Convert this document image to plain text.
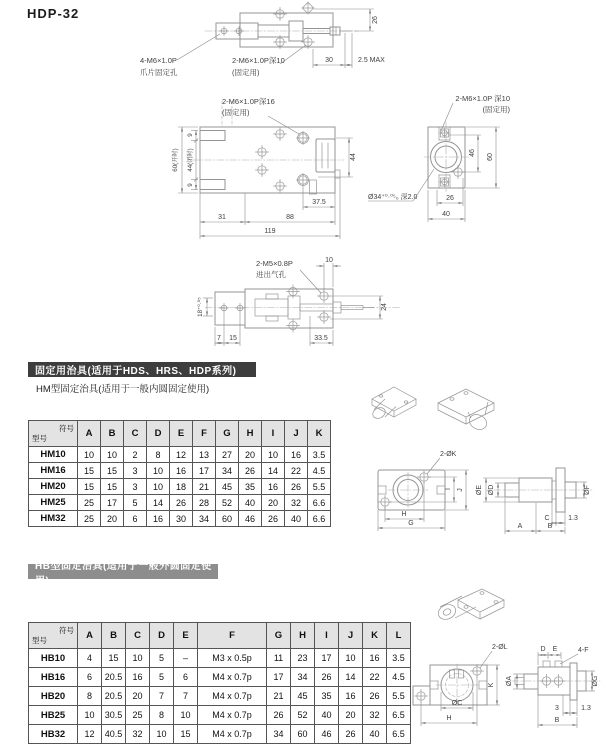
HDP-32	26
30	2.5 MAX
4-M6×1.0P
爪片固定孔
2-M6×1.0P深10
(固定用)
2-M6×1.0P深16
(固定用)
60(开时)
9
44(闭时)
9
44
37.5
31	88
119
2-M6×1.0P 深10
(固定用)
Ø34⁺⁰·⁰⁵₀ 深2.0
46
60
26
40
2-M5×0.8P
进出气孔
10
18⁺⁰·⁰⁵	24
7 15	33.5
固定用治具(适用于HDS、HRS、HDP系列)
HM型固定治具(适用于一般内圆固定使用)
HB型固定治具(适用于一般外圆固定使用)
符号
型号	A	B	C	D	E	F	G	H	I	J	K
HM10	10	10	2	8	12	13	27	20	10	16	3.5
HM16	15	15	3	10	16	17	34	26	14	22	4.5
HM20	15	15	3	10	18	21	45	35	16	26	5.5
HM25	25	17	5	14	26	28	52	40	20	32	6.6
HM32	25	20	6	16	30	34	60	46	26	40	6.6
2-ØK
H
G
I J ØE ØD	ØF
C	1.3
A	B
符号
型号	A	B	C	D	E	F	G	H	I	J	K	L
HB10	4	15	10	5	–	M3 x 0.5p	11	23	17	10	16	3.5
HB16	6	20.5	16	5	6	M4 x 0.7p	17	34	26	14	22	4.5
HB20	8	20.5	20	7	7	M4 x 0.7p	21	45	35	16	26	5.5
HB25	10	30.5	25	8	10	M4 x 0.7p	26	52	40	20	32	6.5
HB32	12	40.5	32	10	15	M4 x 0.7p	34	60	46	26	40	6.5
2-ØL
ØC
H
K
D E	4-F
ØA	ØG
3	1.3
B
